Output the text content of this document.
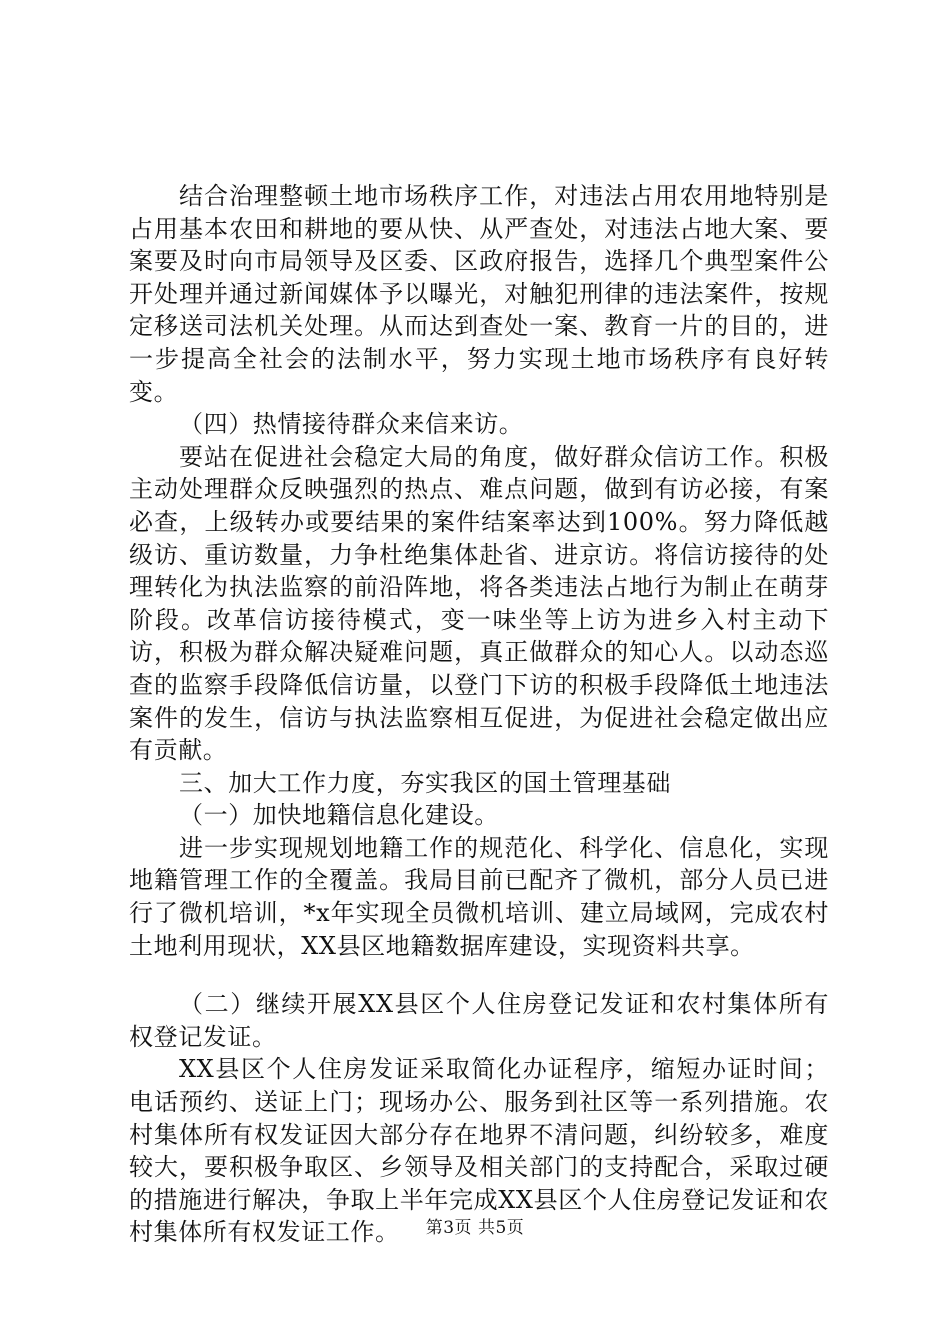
结合治理整顿土地市场秩序工作，对违法占用农用地特别是占用基本农田和耕地的要从快、从严查处，对违法占地大案、要案要及时向市局领导及区委、区政府报告，选择几个典型案件公开处理并通过新闻媒体予以曝光，对触犯刑律的违法案件，按规定移送司法机关处理。从而达到查处一案、教育一片的目的，进一步提高全社会的法制水平，努力实现土地市场秩序有良好转变。

（四）热情接待群众来信来访。

要站在促进社会稳定大局的角度，做好群众信访工作。积极主动处理群众反映强烈的热点、难点问题，做到有访必接，有案必查，上级转办或要结果的案件结案率达到100%。努力降低越级访、重访数量，力争杜绝集体赴省、进京访。将信访接待的处理转化为执法监察的前沿阵地，将各类违法占地行为制止在萌芽阶段。改革信访接待模式，变一味坐等上访为进乡入村主动下访，积极为群众解决疑难问题，真正做群众的知心人。以动态巡查的监察手段降低信访量，以登门下访的积极手段降低土地违法案件的发生，信访与执法监察相互促进，为促进社会稳定做出应有贡献。

三、加大工作力度，夯实我区的国土管理基础

（一）加快地籍信息化建设。

进一步实现规划地籍工作的规范化、科学化、信息化，实现地籍管理工作的全覆盖。我局目前已配齐了微机，部分人员已进行了微机培训，*x年实现全员微机培训、建立局域网，完成农村土地利用现状，XX县区地籍数据库建设，实现资料共享。

（二）继续开展XX县区个人住房登记发证和农村集体所有权登记发证。

XX县区个人住房发证采取简化办证程序，缩短办证时间；电话预约、送证上门；现场办公、服务到社区等一系列措施。农村集体所有权发证因大部分存在地界不清问题，纠纷较多，难度较大，要积极争取区、乡领导及相关部门的支持配合，采取过硬的措施进行解决，争取上半年完成XX县区个人住房登记发证和农村集体所有权发证工作。	第3页 共5页
